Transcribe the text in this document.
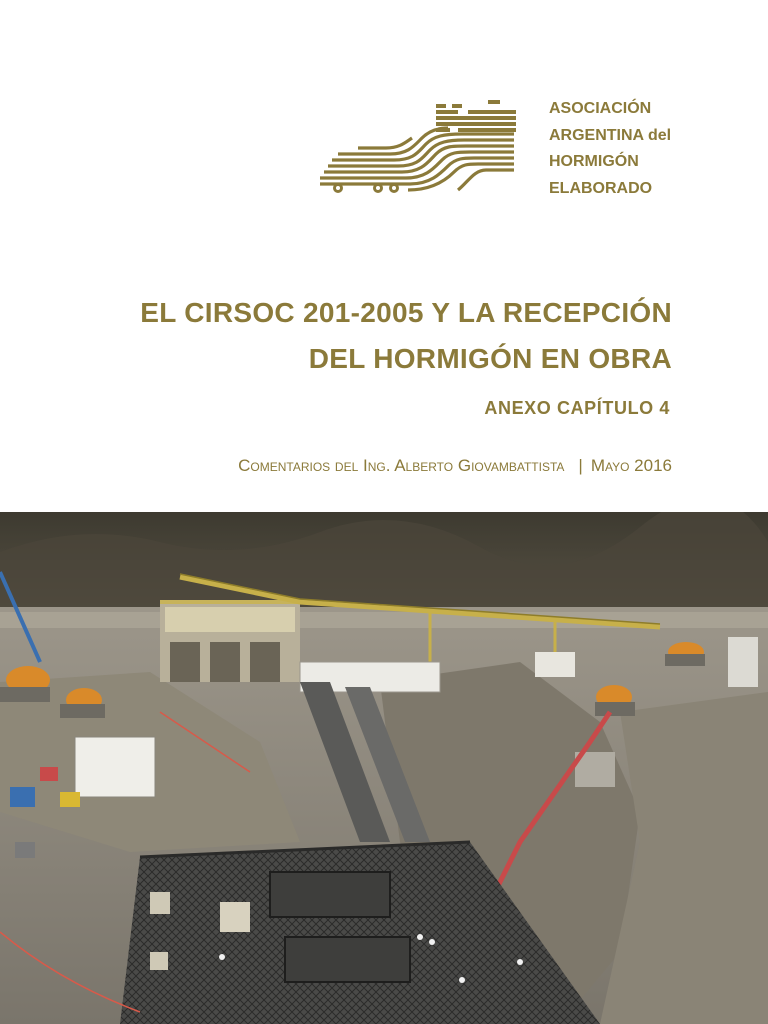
ASOCIACIÓN
ARGENTINA del
HORMIGÓN
ELABORADO
EL CIRSOC 201-2005 Y LA RECEPCIÓN
DEL HORMIGÓN EN OBRA
ANEXO CAPÍTULO 4
Comentarios del Ing. Alberto Giovambattista | Mayo 2016
